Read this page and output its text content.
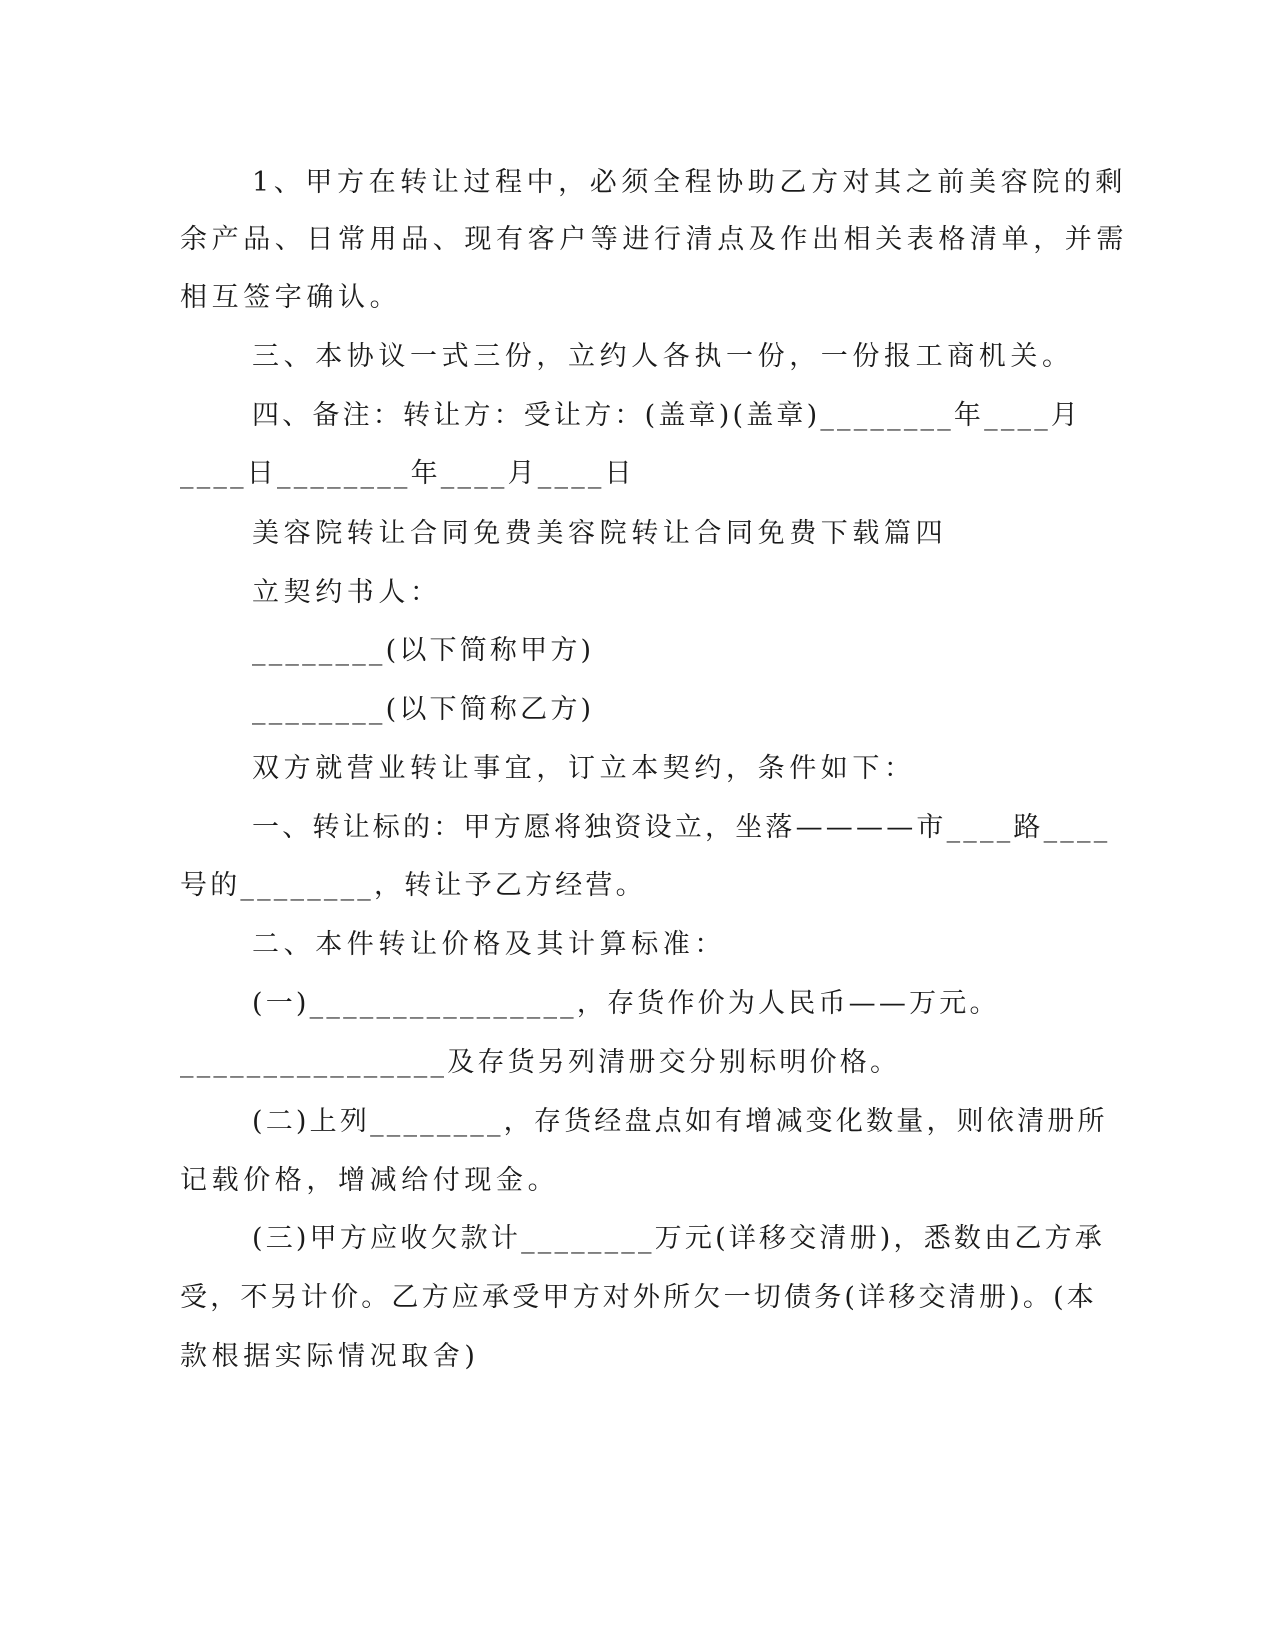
1、甲方在转让过程中，必须全程协助乙方对其之前美容院的剩
余产品、日常用品、现有客户等进行清点及作出相关表格清单，并需
相互签字确认。
三、本协议一式三份，立约人各执一份，一份报工商机关。
四、备注：转让方：受让方：(盖章)(盖章)________年____月
____日________年____月____日
美容院转让合同免费美容院转让合同免费下载篇四
立契约书人：
________(以下简称甲方)
________(以下简称乙方)
双方就营业转让事宜，订立本契约，条件如下：
一、转让标的：甲方愿将独资设立，坐落————市____路____
号的________，转让予乙方经营。
二、本件转让价格及其计算标准：
(一)________________，存货作价为人民币——万元。
________________及存货另列清册交分别标明价格。
(二)上列________，存货经盘点如有增减变化数量，则依清册所
记载价格，增减给付现金。
(三)甲方应收欠款计________万元(详移交清册)，悉数由乙方承
受，不另计价。乙方应承受甲方对外所欠一切债务(详移交清册)。(本
款根据实际情况取舍)
